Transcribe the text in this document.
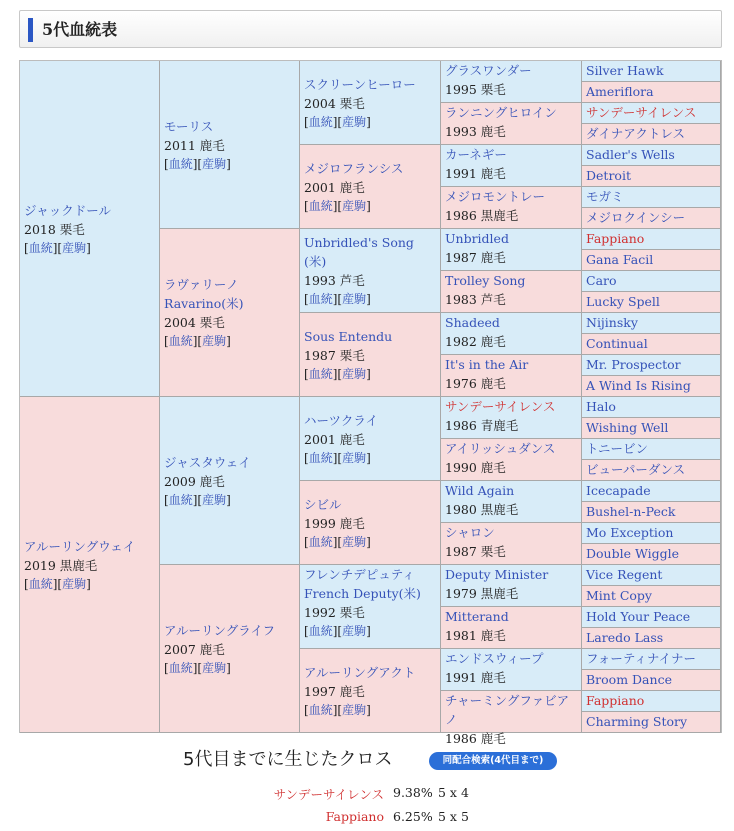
5代血統表
ジャックドール
2018 栗毛
[血統][産駒]
アルーリングウェイ
2019 黒鹿毛
[血統][産駒]
モーリス
2011 鹿毛
[血統][産駒]
ラヴァリーノ Ravarino(米)
2004 栗毛
[血統][産駒]
ジャスタウェイ
2009 鹿毛
[血統][産駒]
アルーリングライフ
2007 鹿毛
[血統][産駒]
スクリーンヒーロー
2004 栗毛
[血統][産駒]
メジロフランシス
2001 鹿毛
[血統][産駒]
Unbridled's Song (米)
1993 芦毛
[血統][産駒]
Sous Entendu
1987 栗毛
[血統][産駒]
ハーツクライ
2001 鹿毛
[血統][産駒]
シビル
1999 鹿毛
[血統][産駒]
フレンチデピュティ French Deputy(米)
1992 栗毛
[血統][産駒]
アルーリングアクト
1997 鹿毛
[血統][産駒]
グラスワンダー
1995 栗毛
ランニングヒロイン
1993 鹿毛
カーネギー
1991 鹿毛
メジロモントレー
1986 黒鹿毛
Unbridled
1987 鹿毛
Trolley Song
1983 芦毛
Shadeed
1982 鹿毛
It's in the Air
1976 鹿毛
サンデーサイレンス
1986 青鹿毛
アイリッシュダンス
1990 鹿毛
Wild Again
1980 黒鹿毛
シャロン
1987 栗毛
Deputy Minister
1979 黒鹿毛
Mitterand
1981 鹿毛
エンドスウィープ
1991 鹿毛
チャーミングファビアノ
1986 鹿毛
Silver Hawk
Ameriflora
サンデーサイレンス
ダイナアクトレス
Sadler's Wells
Detroit
モガミ
メジロクインシー
Fappiano
Gana Facil
Caro
Lucky Spell
Nijinsky
Continual
Mr. Prospector
A Wind Is Rising
Halo
Wishing Well
トニービン
ビューパーダンス
Icecapade
Bushel-n-Peck
Mo Exception
Double Wiggle
Vice Regent
Mint Copy
Hold Your Peace
Laredo Lass
フォーティナイナー
Broom Dance
Fappiano
Charming Story
5代目までに生じたクロス	同配合検索(4代目まで)
サンデーサイレンス 9.38% 5 x 4
Fappiano 6.25% 5 x 5
